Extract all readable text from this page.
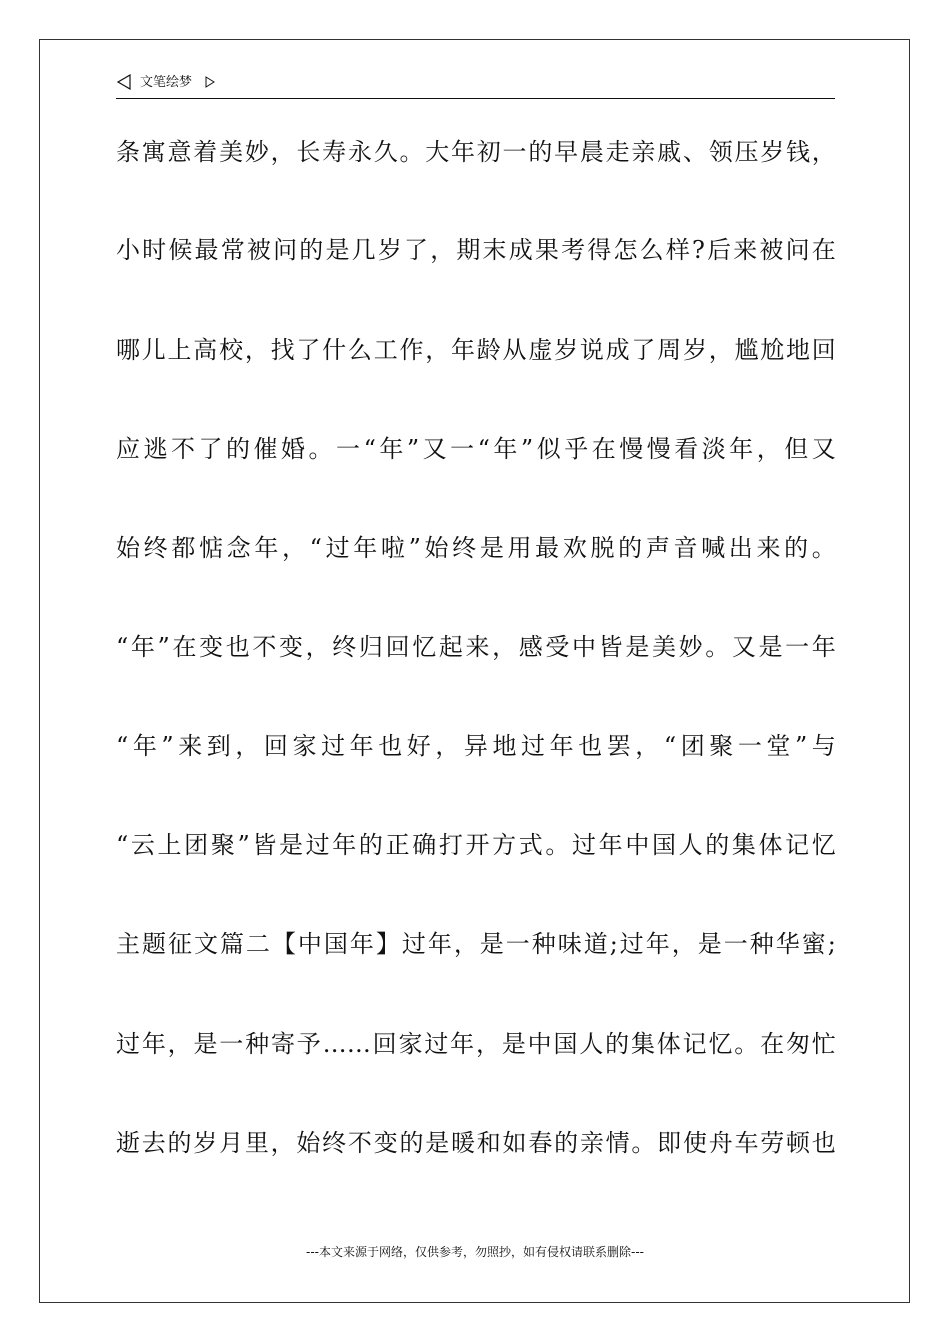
文笔绘梦
条寓意着美妙，长寿永久。大年初一的早晨走亲戚、领压岁钱，
小时候最常被问的是几岁了，期末成果考得怎么样?后来被问在
哪儿上高校，找了什么工作，年龄从虚岁说成了周岁，尴尬地回
应逃不了的催婚。一“年”又一“年”似乎在慢慢看淡年，但又
始终都惦念年，“过年啦”始终是用最欢脱的声音喊出来的。
“年”在变也不变，终归回忆起来，感受中皆是美妙。又是一年
“年”来到，回家过年也好，异地过年也罢，“团聚一堂”与
“云上团聚”皆是过年的正确打开方式。过年中国人的集体记忆
主题征文篇二【中国年】过年，是一种味道;过年，是一种华蜜;
过年，是一种寄予……回家过年，是中国人的集体记忆。在匆忙
逝去的岁月里，始终不变的是暖和如春的亲情。即使舟车劳顿也
---本文来源于网络，仅供参考，勿照抄，如有侵权请联系删除---
